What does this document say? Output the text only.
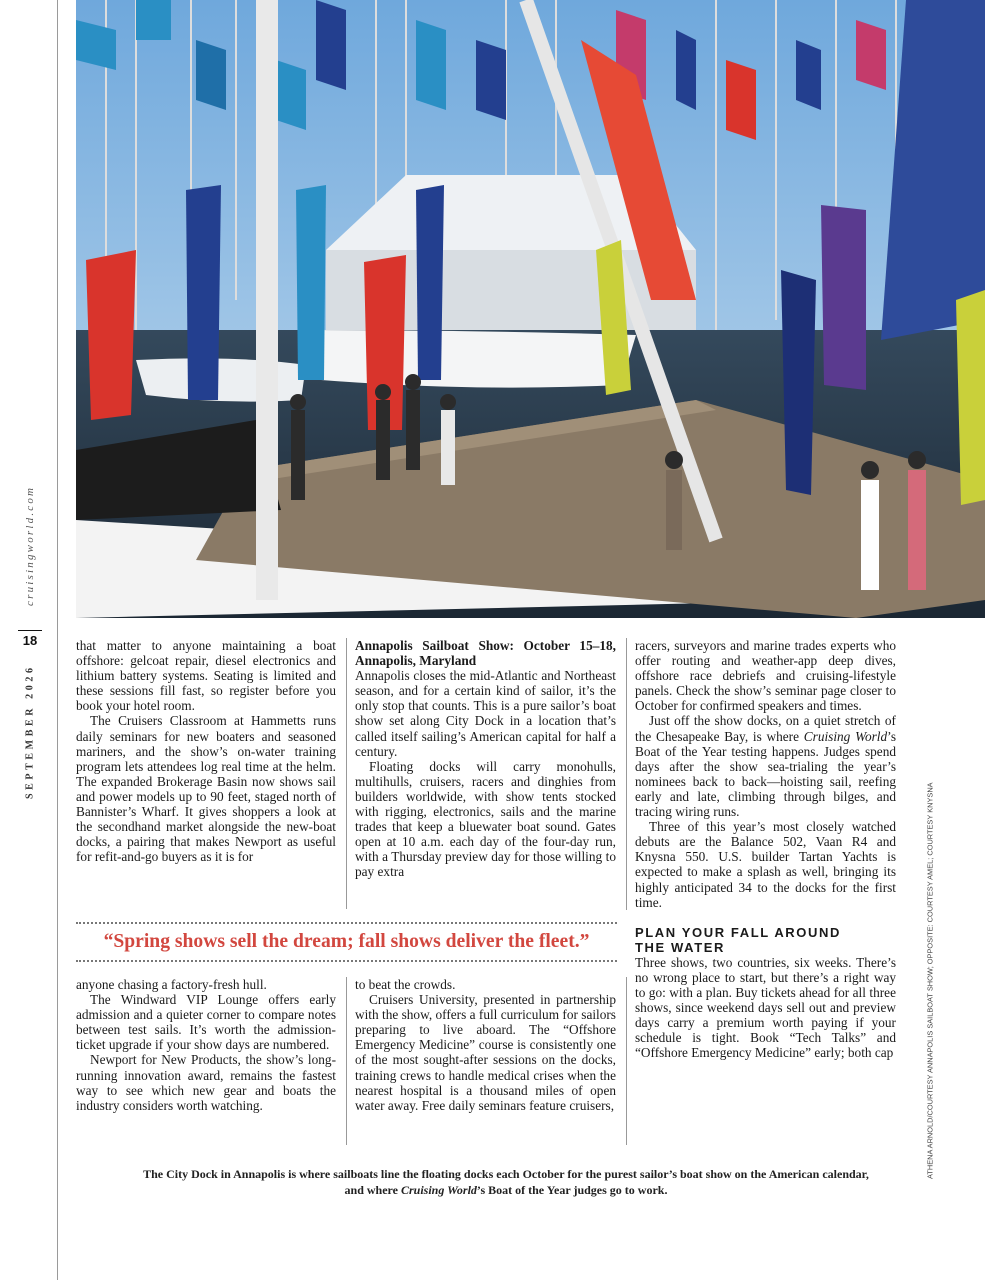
cruisingworld.com
18
SEPTEMBER 2026

that matter to anyone maintaining a boat offshore: gelcoat repair, diesel electronics and lithium battery systems. Seating is limited and these sessions fill fast, so register before you book your hotel room.

The Cruisers Classroom at Hammetts runs daily seminars for new boaters and seasoned mariners, and the show’s on-water training program lets attendees log real time at the helm. The expanded Brokerage Basin now shows sail and power models up to 90 feet, staged north of Bannister’s Wharf. It gives shoppers a look at the secondhand market alongside the new-boat docks, a pairing that makes Newport as useful for refit-and-go buyers as it is for

Annapolis Sailboat Show: October 15–18, Annapolis, Maryland

Annapolis closes the mid-Atlantic and Northeast season, and for a certain kind of sailor, it’s the only stop that counts. This is a pure sailor’s boat show set along City Dock in a location that’s called itself sailing’s American capital for half a century.

Floating docks will carry monohulls, multihulls, cruisers, racers and dinghies from builders worldwide, with show tents stocked with rigging, electronics, sails and the marine trades that keep a bluewater boat sound. Gates open at 10 a.m. each day of the four-day run, with a Thursday preview day for those willing to pay extra

racers, surveyors and marine trades experts who offer routing and weather-app deep dives, offshore race debriefs and cruising-lifestyle panels. Check the show’s seminar page closer to October for confirmed speakers and times.

Just off the show docks, on a quiet stretch of the Chesapeake Bay, is where Cruising World’s Boat of the Year testing happens. Judges spend days after the show sea-trialing the year’s nominees back to back—hoisting sail, reefing early and late, climbing through bilges, and tracing wiring runs.

Three of this year’s most closely watched debuts are the Balance 502, Vaan R4 and Knysna 550. U.S. builder Tartan Yachts is expected to make a splash as well, bringing its highly anticipated 34 to the docks for the first time.

PLAN YOUR FALL AROUND
THE WATER

Three shows, two countries, six weeks. There’s no wrong place to start, but there’s a right way to go: with a plan. Buy tickets ahead for all three shows, since weekend days sell out and preview days carry a premium worth paying if your schedule is tight. Book “Tech Talks” and “Offshore Emergency Medicine” early; both cap

“Spring shows sell the dream; fall shows deliver the fleet.”

anyone chasing a factory-fresh hull.

The Windward VIP Lounge offers early admission and a quieter corner to compare notes between test sails. It’s worth the admission-ticket upgrade if your show days are numbered.

Newport for New Products, the show’s long-running innovation award, remains the fastest way to see which new gear and boats the industry considers worth watching.

to beat the crowds.

Cruisers University, presented in partnership with the show, offers a full curriculum for sailors preparing to live aboard. The “Offshore Emergency Medicine” course is consistently one of the most sought-after sessions on the docks, training crews to handle medical crises when the nearest hospital is a thousand miles of open water away. Free daily seminars feature cruisers,

The City Dock in Annapolis is where sailboats line the floating docks each October for the purest sailor’s boat show on the American calendar,
and where Cruising World’s Boat of the Year judges go to work.
ATHENA ARNOLD/COURTESY ANNAPOLIS SAILBOAT SHOW; OPPOSITE: COURTESY AMEL; COURTESY KNYSNA
